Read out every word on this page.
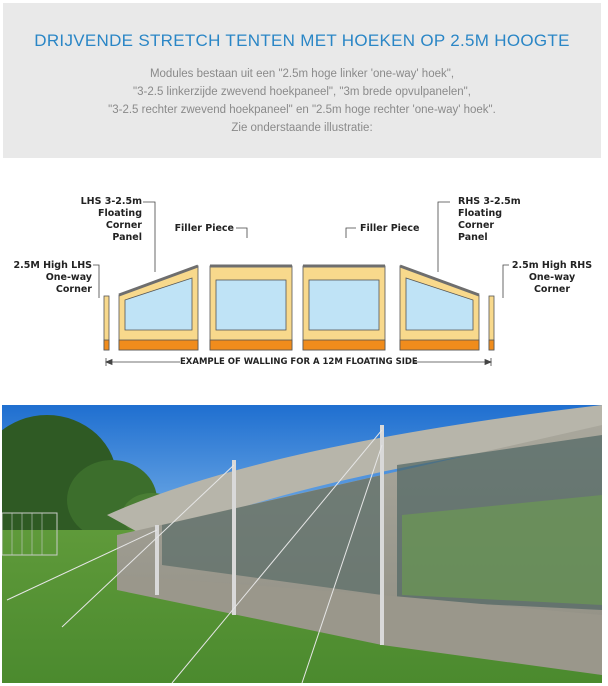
DRIJVENDE STRETCH TENTEN MET HOEKEN OP 2.5M HOOGTE
Modules bestaan uit een "2.5m hoge linker 'one-way' hoek",
"3-2.5 linkerzijde zwevend hoekpaneel", "3m brede opvulpanelen",
"3-2.5 rechter zwevend hoekpaneel" en "2.5m hoge rechter 'one-way' hoek".
Zie onderstaande illustratie:
LHS 3-2.5m
Floating
Corner
Panel
Filler Piece	Filler Piece
RHS 3-2.5m
Floating
Corner
Panel
2.5M High LHS
One-way
Corner
2.5m High RHS
One-way
Corner
EXAMPLE OF WALLING FOR A 12M FLOATING SIDE
